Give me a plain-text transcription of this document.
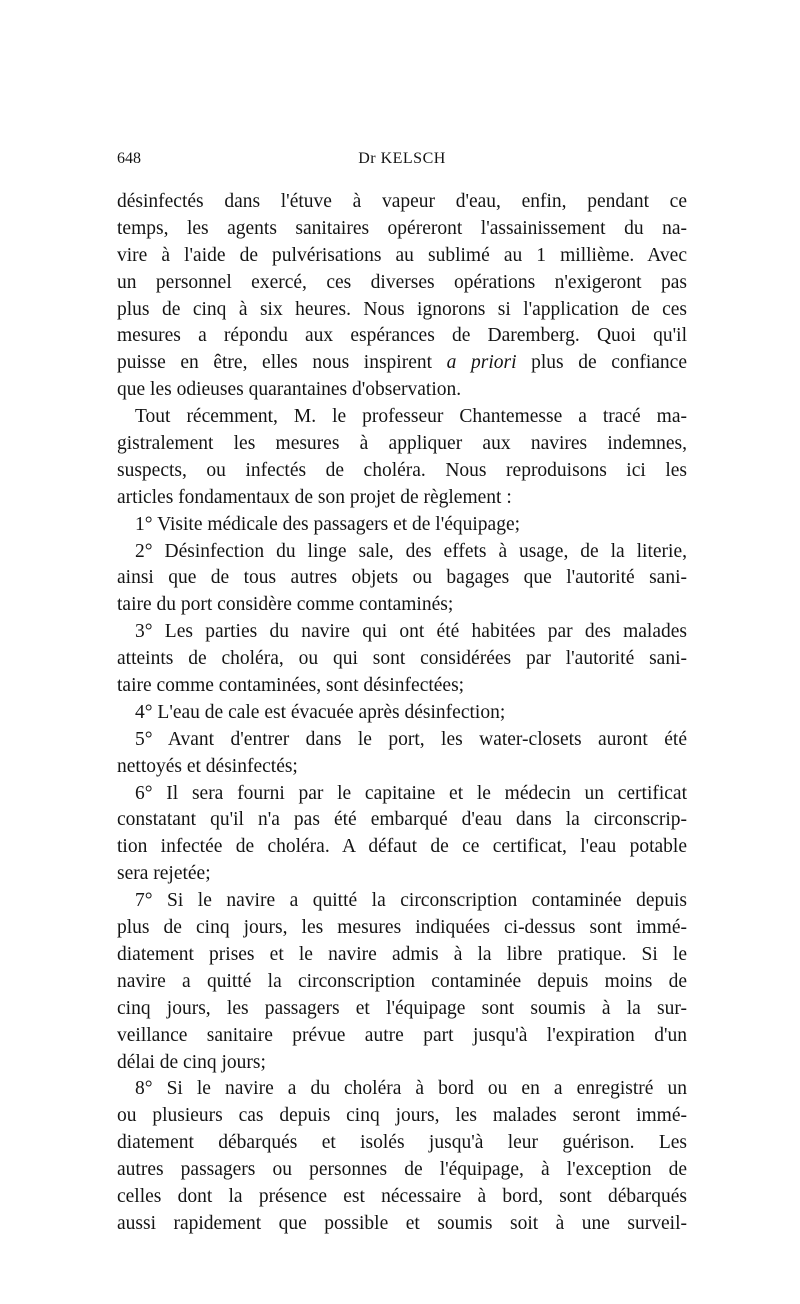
648	Dr KELSCH
désinfectés dans l'étuve à vapeur d'eau, enfin, pendant ce
temps, les agents sanitaires opéreront l'assainissement du na-
vire à l'aide de pulvérisations au sublimé au 1 millième. Avec
un personnel exercé, ces diverses opérations n'exigeront pas
plus de cinq à six heures. Nous ignorons si l'application de ces
mesures a répondu aux espérances de Daremberg. Quoi qu'il
puisse en être, elles nous inspirent a priori plus de confiance
que les odieuses quarantaines d'observation.
Tout récemment, M. le professeur Chantemesse a tracé ma-
gistralement les mesures à appliquer aux navires indemnes,
suspects, ou infectés de choléra. Nous reproduisons ici les
articles fondamentaux de son projet de règlement :
1° Visite médicale des passagers et de l'équipage;
2° Désinfection du linge sale, des effets à usage, de la literie,
ainsi que de tous autres objets ou bagages que l'autorité sani-
taire du port considère comme contaminés;
3° Les parties du navire qui ont été habitées par des malades
atteints de choléra, ou qui sont considérées par l'autorité sani-
taire comme contaminées, sont désinfectées;
4° L'eau de cale est évacuée après désinfection;
5° Avant d'entrer dans le port, les water-closets auront été
nettoyés et désinfectés;
6° Il sera fourni par le capitaine et le médecin un certificat
constatant qu'il n'a pas été embarqué d'eau dans la circonscrip-
tion infectée de choléra. A défaut de ce certificat, l'eau potable
sera rejetée;
7° Si le navire a quitté la circonscription contaminée depuis
plus de cinq jours, les mesures indiquées ci-dessus sont immé-
diatement prises et le navire admis à la libre pratique. Si le
navire a quitté la circonscription contaminée depuis moins de
cinq jours, les passagers et l'équipage sont soumis à la sur-
veillance sanitaire prévue autre part jusqu'à l'expiration d'un
délai de cinq jours;
8° Si le navire a du choléra à bord ou en a enregistré un
ou plusieurs cas depuis cinq jours, les malades seront immé-
diatement débarqués et isolés jusqu'à leur guérison. Les
autres passagers ou personnes de l'équipage, à l'exception de
celles dont la présence est nécessaire à bord, sont débarqués
aussi rapidement que possible et soumis soit à une surveil-
